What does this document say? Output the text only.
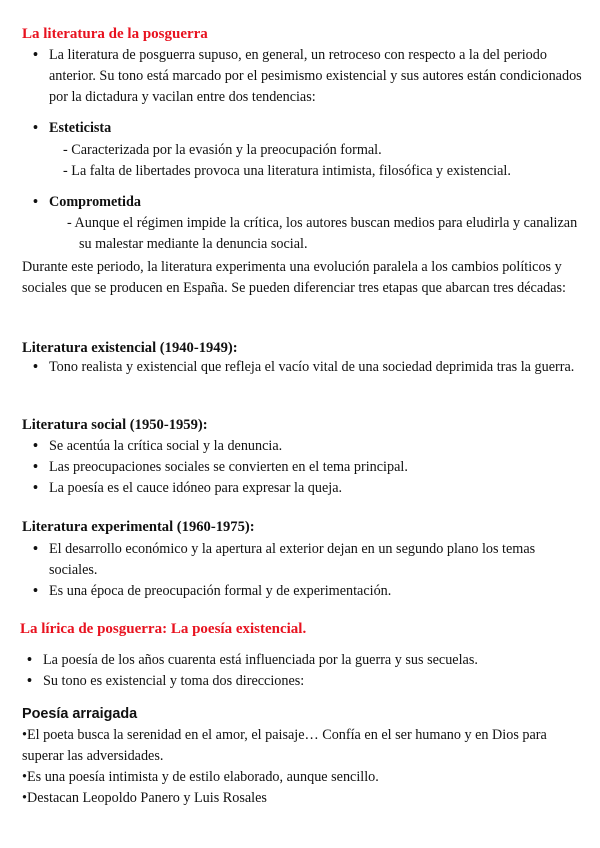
La literatura de la posguerra
• La literatura de posguerra supuso, en general, un retroceso con respecto a la del periodo anterior. Su tono está marcado por el pesimismo existencial y sus autores están condicionados por la dictadura y vacilan entre dos tendencias:
• Esteticista
- Caracterizada por la evasión y la preocupación formal.
- La falta de libertades provoca una literatura intimista, filosófica y existencial.
• Comprometida
- Aunque el régimen impide la crítica, los autores buscan medios para eludirla y canalizan su malestar mediante la denuncia social.
Durante este periodo, la literatura experimenta una evolución paralela a los cambios políticos y sociales que se producen en España. Se pueden diferenciar tres etapas que abarcan tres décadas:
Literatura existencial (1940-1949):
• Tono realista y existencial que refleja el vacío vital de una sociedad deprimida tras la guerra.
Literatura social (1950-1959):
• Se acentúa la crítica social y la denuncia.
• Las preocupaciones sociales se convierten en el tema principal.
• La poesía es el cauce idóneo para expresar la queja.
Literatura experimental (1960-1975):
• El desarrollo económico y la apertura al exterior dejan en un segundo plano los temas sociales.
• Es una época de preocupación formal y de experimentación.
La lírica de posguerra: La poesía existencial.
• La poesía de los años cuarenta está influenciada por la guerra y sus secuelas.
• Su tono es existencial y toma dos direcciones:
Poesía arraigada
•El poeta busca la serenidad en el amor, el paisaje… Confía en el ser humano y en Dios para superar las adversidades.
•Es una poesía intimista y de estilo elaborado, aunque sencillo.
•Destacan Leopoldo Panero y Luis Rosales
